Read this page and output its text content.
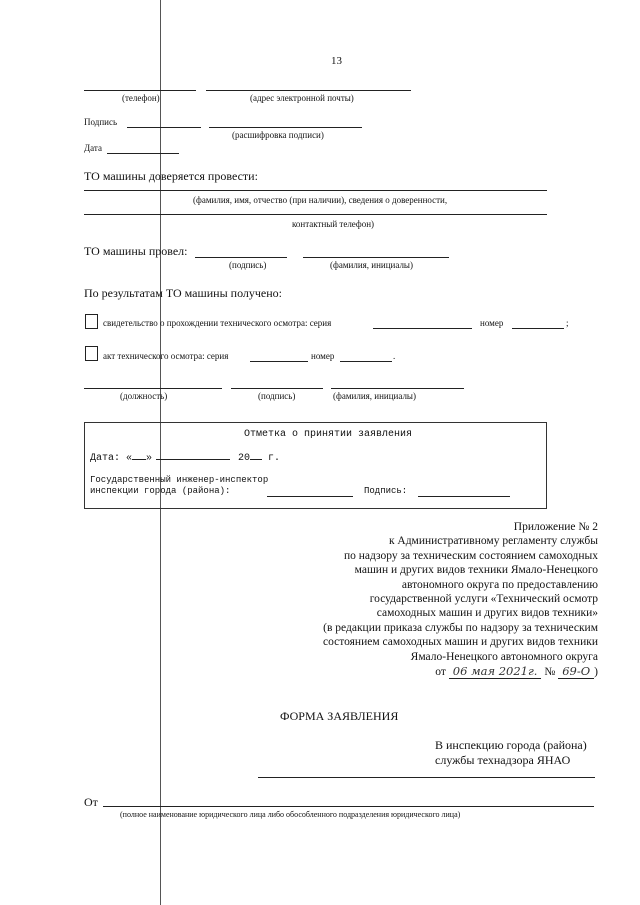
13
(телефон)	(адрес электронной почты)
Подпись
(расшифровка подписи)
Дата
ТО машины доверяется провести:
(фамилия, имя, отчество (при наличии), сведения о доверенности,
контактный телефон)
ТО машины провел:
(подпись)	(фамилия, инициалы)
По результатам ТО машины получено:
свидетельство о прохождении технического осмотра: серия	номер	;
акт технического осмотра: серия	номер	.
(должность)	(подпись)	(фамилия, инициалы)
Отметка о принятии заявления
Дата: « »	20 г.
Государственный инженер-инспектор
инспекции города (района):	Подпись:
Приложение № 2
к Административному регламенту службы
по надзору за техническим состоянием самоходных
машин и других видов техники Ямало-Ненецкого
автономного округа по предоставлению
государственной услуги «Технический осмотр
самоходных машин и других видов техники»
(в редакции приказа службы по надзору за техническим
состоянием самоходных машин и других видов техники
Ямало-Ненецкого автономного округа
от 06 мая 2021г. № 69-О )
ФОРМА ЗАЯВЛЕНИЯ
В инспекцию города (района)
службы технадзора ЯНАО
От
(полное наименование юридического лица либо обособленного подразделения юридического лица)
